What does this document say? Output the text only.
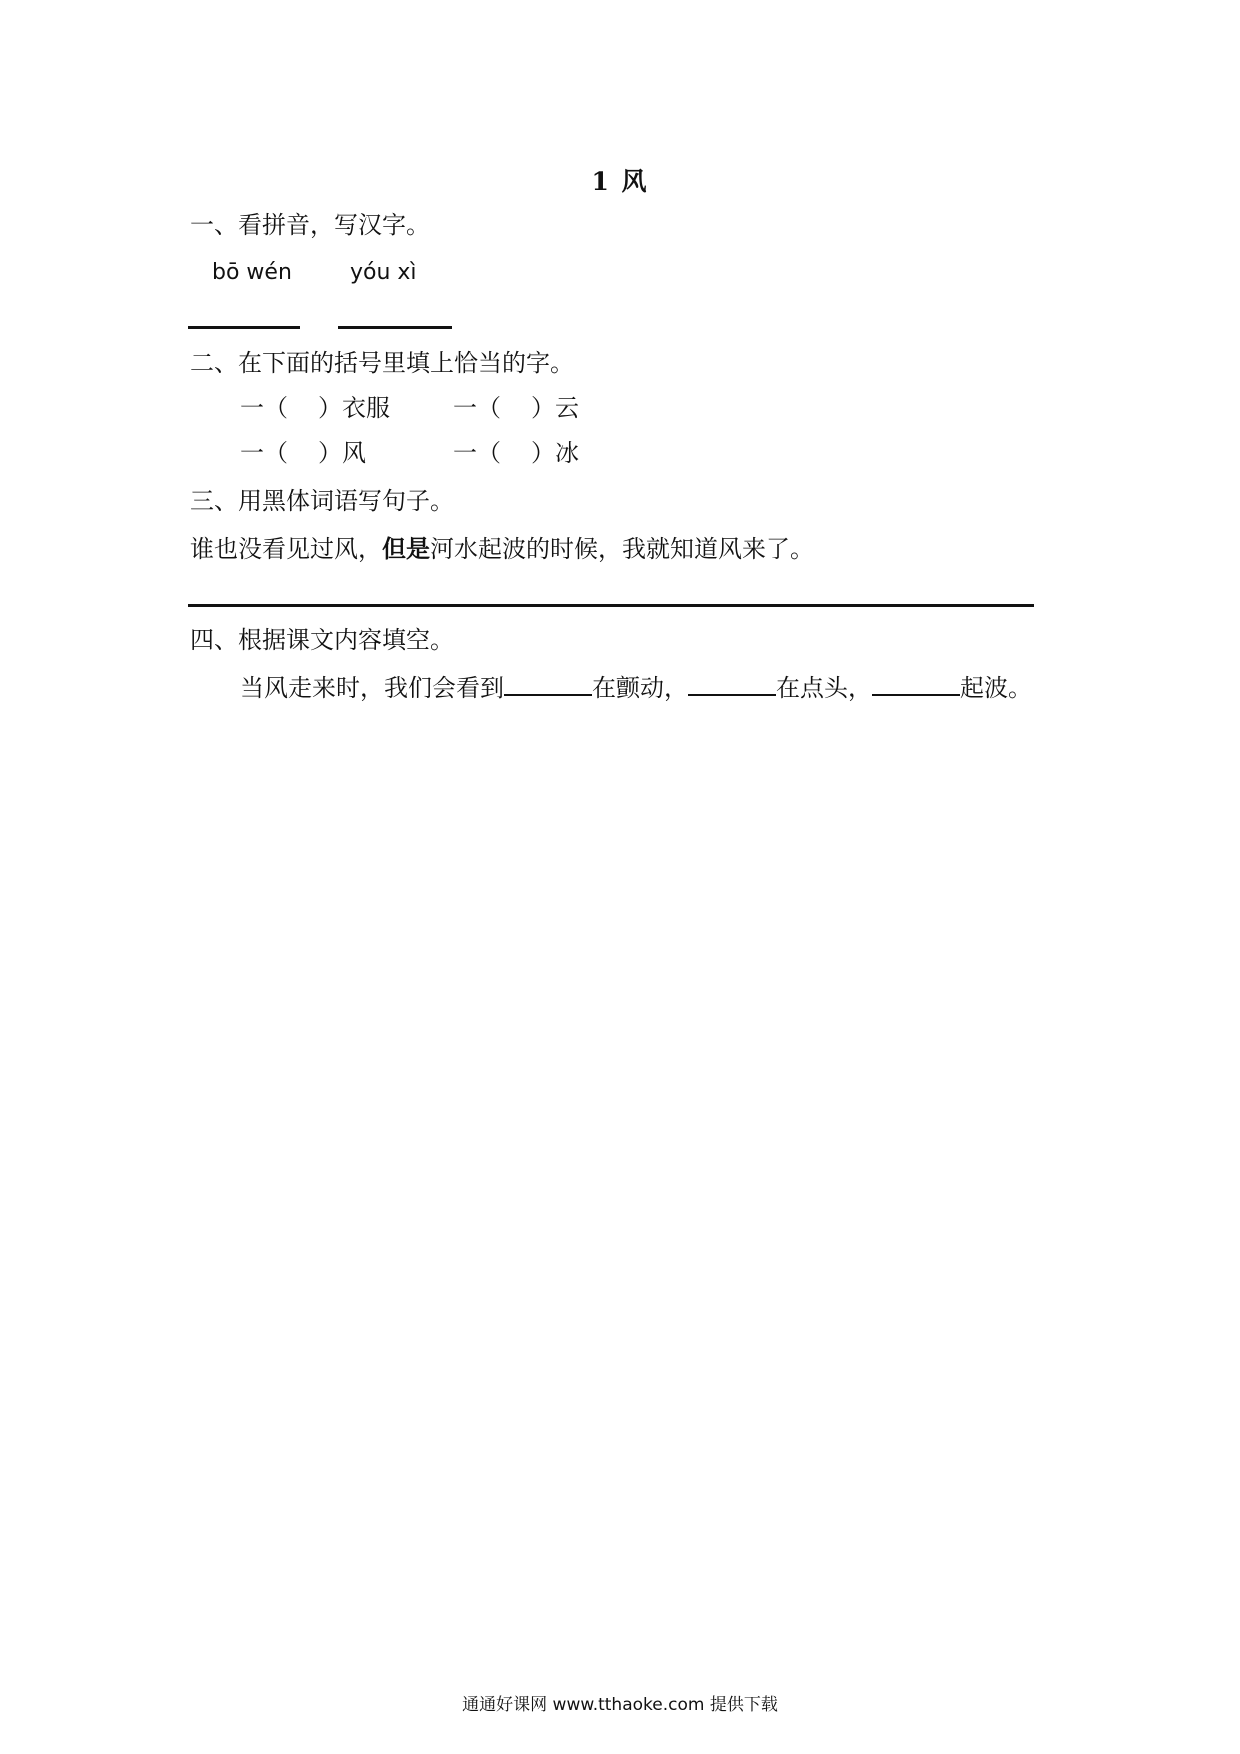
1 风
一、看拼音，写汉字。
bō wén	yóu xì
二、在下面的括号里填上恰当的字。
一（ ）衣服	一（ ）云
一（ ）风	一（ ）冰
三、用黑体词语写句子。
谁也没看见过风，但是河水起波的时候，我就知道风来了。
四、根据课文内容填空。
当风走来时，我们会看到	在颤动，	在点头，	起波。
通通好课网 www.tthaoke.com 提供下载
